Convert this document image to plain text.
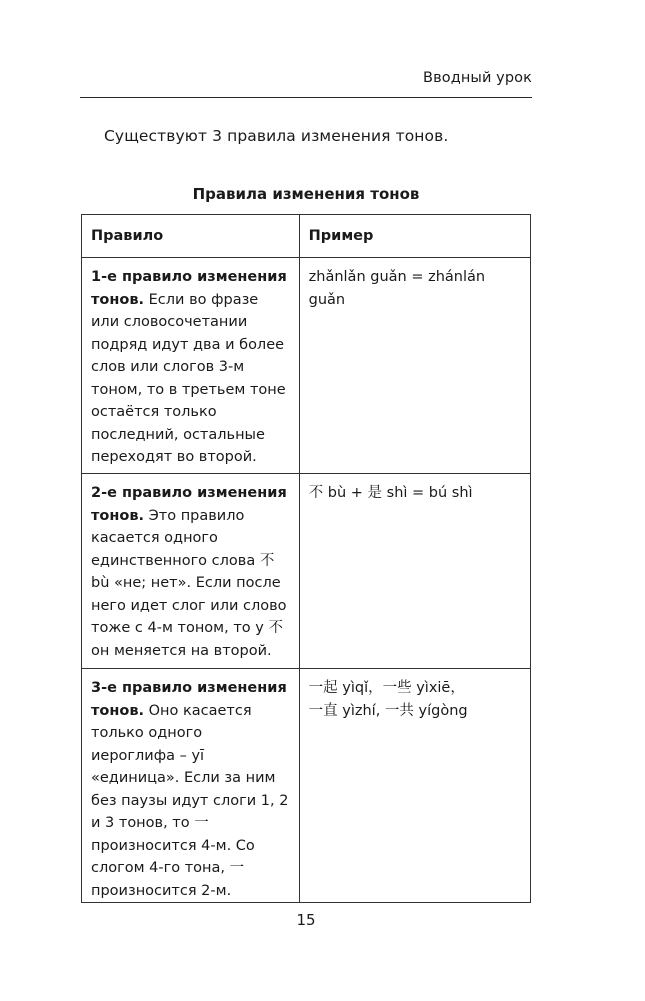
Вводный урок

Существуют 3 правила изменения тонов.

Правила изменения тонов
Правило	Пример
1-е правило изменения тонов. Если во фразе или словосочетании подряд идут два и более слов или слогов 3-м тоном, то в третьем тоне остаётся только последний, остальные переходят во второй.	zhǎnlǎn guǎn = zhánlán guǎn

2-е правило изменения тонов. Это правило касается одного единственного слова 不 bù «не; нет». Если после него идет слог или слово тоже с 4-м тоном, то у 不 он меняется на второй.	不 bù + 是 shì = bú shì

3-е правило изменения тонов. Оно касается только одного иероглифа – yī «единица». Если за ним без паузы идут слоги 1, 2 и 3 тонов, то 一 произносится 4-м. Со слогом 4-го тона, 一 произносится 2-м.	一起 yìqǐ，一些 yìxiē，
一直 yìzhí, 一共 yígòng
15
